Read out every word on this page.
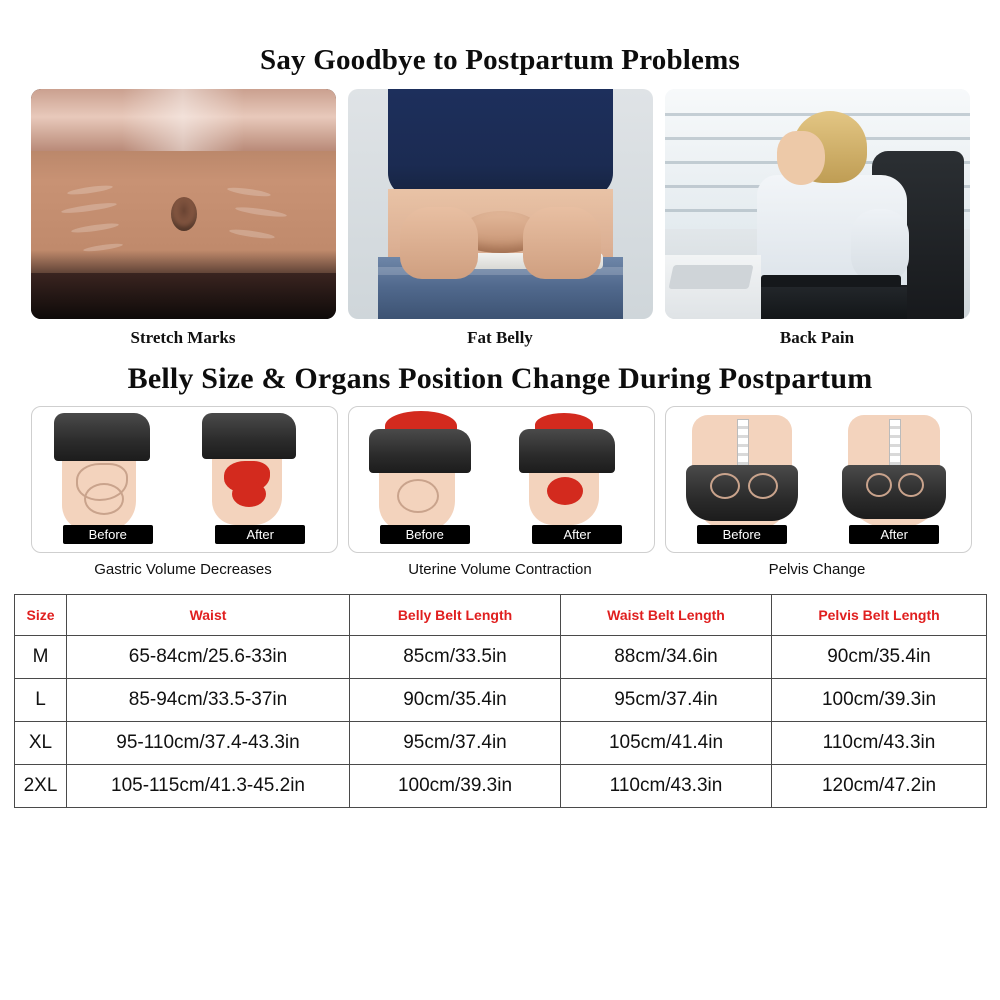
Say Goodbye to Postpartum Problems
Stretch Marks	Fat Belly	Back Pain
Belly Size & Organs Position Change During Postpartum
Before	After
Gastric Volume Decreases
Before	After
Uterine Volume Contraction
Before	After
Pelvis Change
Size	Waist	Belly Belt Length	Waist Belt Length	Pelvis Belt Length
M	65-84cm/25.6-33in	85cm/33.5in	88cm/34.6in	90cm/35.4in
L	85-94cm/33.5-37in	90cm/35.4in	95cm/37.4in	100cm/39.3in
XL	95-110cm/37.4-43.3in	95cm/37.4in	105cm/41.4in	110cm/43.3in
2XL	105-115cm/41.3-45.2in	100cm/39.3in	110cm/43.3in	120cm/47.2in
